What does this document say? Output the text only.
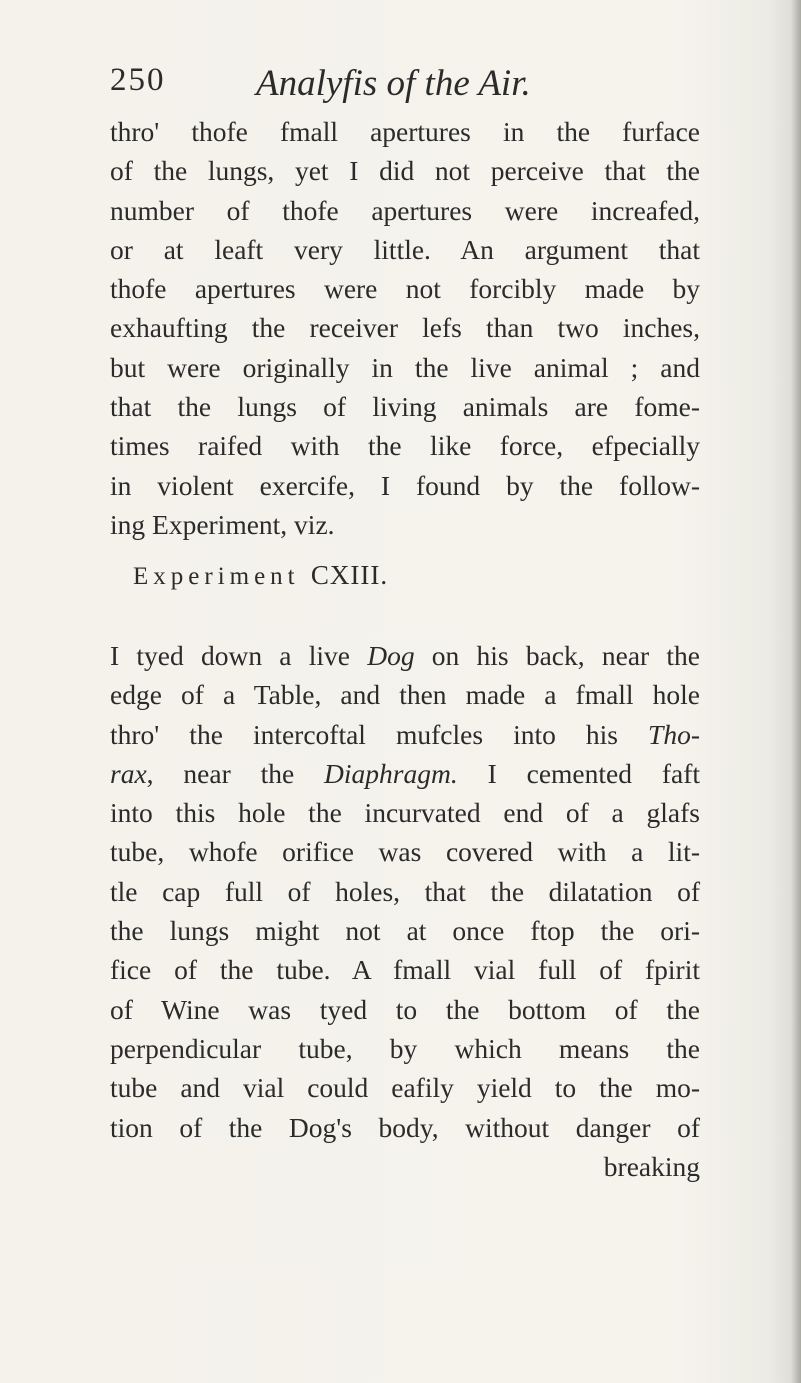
250 Analyfis of the Air.
thro' thofe fmall apertures in the furface
of the lungs, yet I did not perceive that the
number of thofe apertures were increafed,
or at leaft very little. An argument that
thofe apertures were not forcibly made by
exhaufting the receiver lefs than two inches,
but were originally in the live animal ; and
that the lungs of living animals are fome-
times raifed with the like force, efpecially
in violent exercife, I found by the follow-
ing Experiment, viz.
Experiment CXIII.
I tyed down a live Dog on his back, near the
edge of a Table, and then made a fmall hole
thro' the intercoftal mufcles into his Tho-
rax, near the Diaphragm. I cemented faft
into this hole the incurvated end of a glafs
tube, whofe orifice was covered with a lit-
tle cap full of holes, that the dilatation of
the lungs might not at once ftop the ori-
fice of the tube. A fmall vial full of fpirit
of Wine was tyed to the bottom of the
perpendicular tube, by which means the
tube and vial could eafily yield to the mo-
tion of the Dog's body, without danger of
breaking
